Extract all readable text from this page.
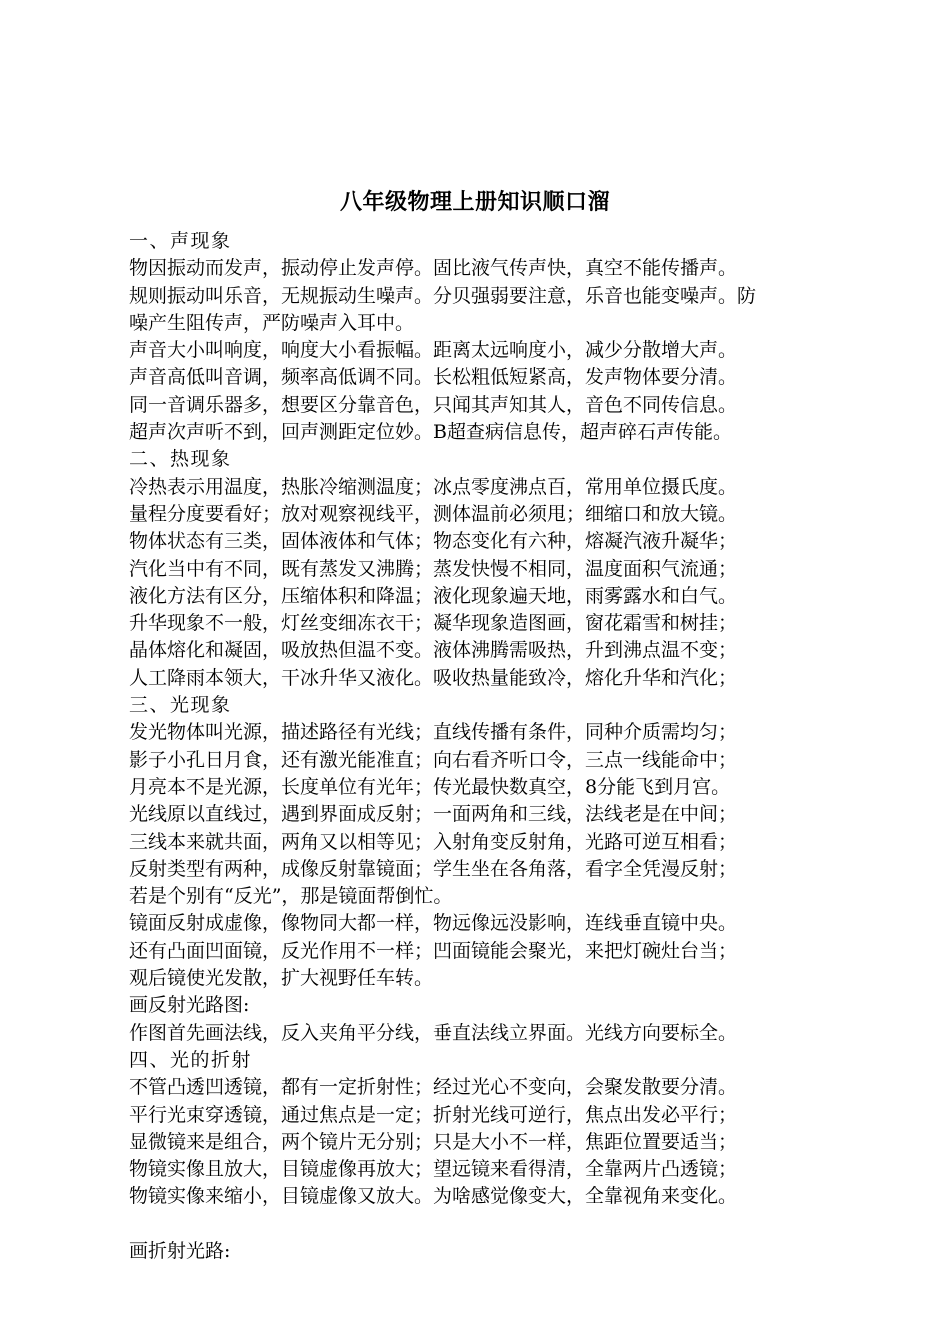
八年级物理上册知识顺口溜
一、声现象
物因振动而发声，振动停止发声停。固比液气传声快，真空不能传播声。
规则振动叫乐音，无规振动生噪声。分贝强弱要注意，乐音也能变噪声。防
噪产生阻传声，严防噪声入耳中。
声音大小叫响度，响度大小看振幅。距离太远响度小，减少分散增大声。
声音高低叫音调，频率高低调不同。长松粗低短紧高，发声物体要分清。
同一音调乐器多，想要区分靠音色，只闻其声知其人，音色不同传信息。
超声次声听不到，回声测距定位妙。B超查病信息传，超声碎石声传能。
二、热现象
冷热表示用温度，热胀冷缩测温度；冰点零度沸点百，常用单位摄氏度。
量程分度要看好；放对观察视线平，测体温前必须甩；细缩口和放大镜。
物体状态有三类，固体液体和气体；物态变化有六种，熔凝汽液升凝华；
汽化当中有不同，既有蒸发又沸腾；蒸发快慢不相同，温度面积气流通；
液化方法有区分，压缩体积和降温；液化现象遍天地，雨雾露水和白气。
升华现象不一般，灯丝变细冻衣干；凝华现象造图画，窗花霜雪和树挂；
晶体熔化和凝固，吸放热但温不变。液体沸腾需吸热，升到沸点温不变；
人工降雨本领大，干冰升华又液化。吸收热量能致冷，熔化升华和汽化；
三、光现象
发光物体叫光源，描述路径有光线；直线传播有条件，同种介质需均匀；
影子小孔日月食，还有激光能准直；向右看齐听口令，三点一线能命中；
月亮本不是光源，长度单位有光年；传光最快数真空，8分能飞到月宫。
光线原以直线过，遇到界面成反射；一面两角和三线，法线老是在中间；
三线本来就共面，两角又以相等见；入射角变反射角，光路可逆互相看；
反射类型有两种，成像反射靠镜面；学生坐在各角落，看字全凭漫反射；
若是个别有“反光”，那是镜面帮倒忙。
镜面反射成虚像，像物同大都一样，物远像远没影响，连线垂直镜中央。
还有凸面凹面镜，反光作用不一样；凹面镜能会聚光，来把灯碗灶台当；
观后镜使光发散，扩大视野任车转。
画反射光路图:
作图首先画法线，反入夹角平分线，垂直法线立界面。光线方向要标全。
四、光的折射
不管凸透凹透镜，都有一定折射性；经过光心不变向，会聚发散要分清。
平行光束穿透镜，通过焦点是一定；折射光线可逆行，焦点出发必平行；
显微镜来是组合，两个镜片无分别；只是大小不一样，焦距位置要适当；
物镜实像且放大，目镜虚像再放大；望远镜来看得清，全靠两片凸透镜；
物镜实像来缩小，目镜虚像又放大。为啥感觉像变大，全靠视角来变化。
画折射光路:
